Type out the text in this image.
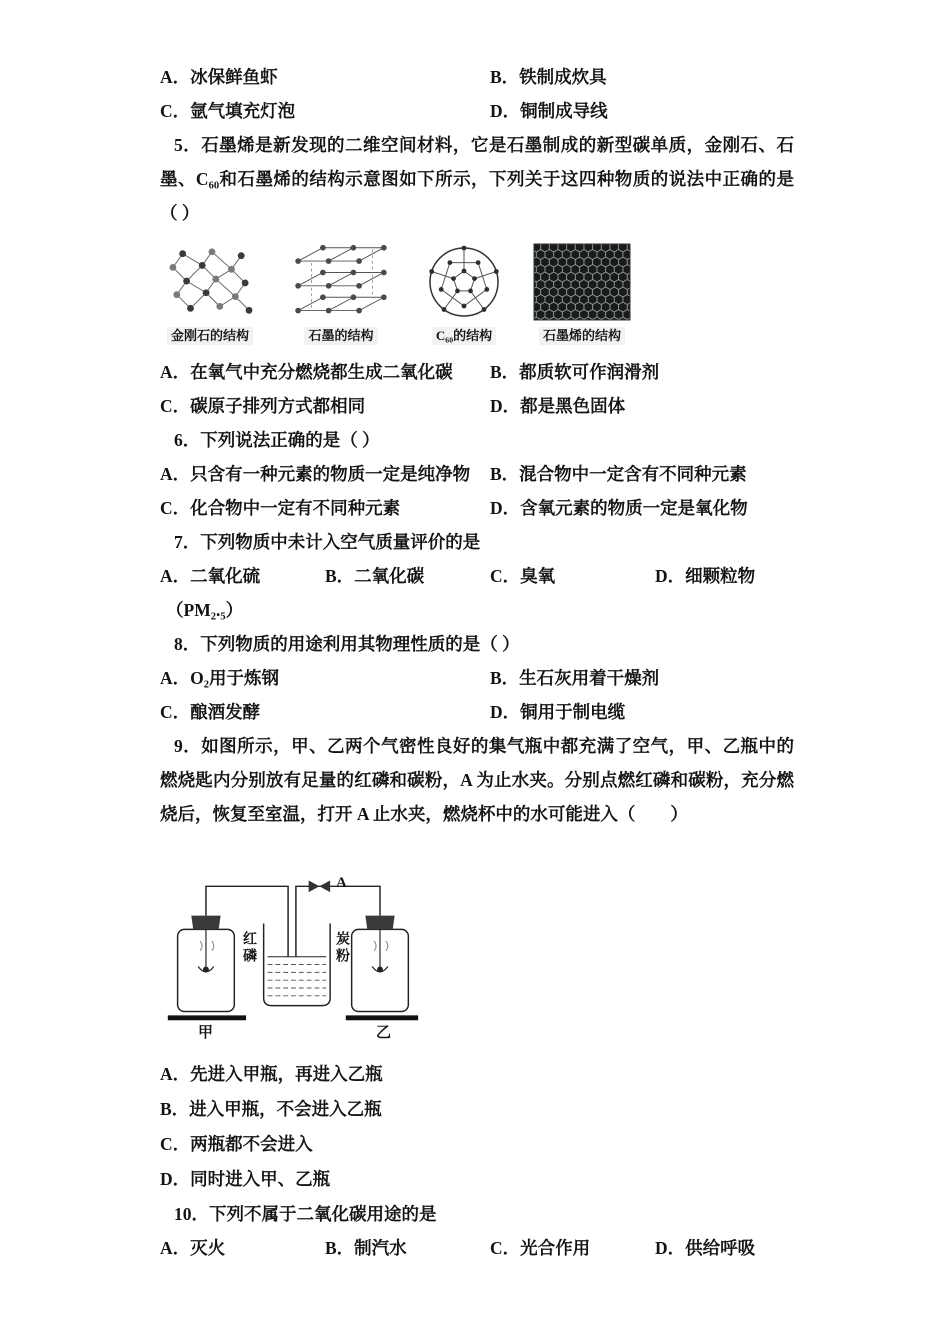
A．冰保鲜鱼虾	B．铁制成炊具
C．氩气填充灯泡	D．铜制成导线

5．石墨烯是新发现的二维空间材料，它是石墨制成的新型碳单质，金刚石、石墨、C₆₀和石墨烯的结构示意图如下所示，下列关于这四种物质的说法中正确的是（ ）

金刚石的结构	石墨的结构	C₆₀的结构	石墨烯的结构
A．在氧气中充分燃烧都生成二氧化碳	B．都质软可作润滑剂
C．碳原子排列方式都相同	D．都是黑色固体

6．下列说法正确的是（ ）

A．只含有一种元素的物质一定是纯净物	B．混合物中一定含有不同种元素
C．化合物中一定有不同种元素	D．含氧元素的物质一定是氧化物

7．下列物质中未计入空气质量评价的是

A．二氧化硫	B．二氧化碳	C．臭氧	D．细颗粒物

（PM₂.₅）

8．下列物质的用途利用其物理性质的是（ ）

A．O₂用于炼钢	B．生石灰用着干燥剂
C．酿酒发酵	D．铜用于制电缆

9．如图所示，甲、乙两个气密性良好的集气瓶中都充满了空气，甲、乙瓶中的燃烧匙内分别放有足量的红磷和碳粉，A 为止水夹。分别点燃红磷和碳粉，充分燃烧后，恢复至室温，打开 A 止水夹，燃烧杯中的水可能进入（　　）

A
红磷	炭粉
甲	乙

A．先进入甲瓶，再进入乙瓶

B．进入甲瓶，不会进入乙瓶

C．两瓶都不会进入

D．同时进入甲、乙瓶

10．下列不属于二氧化碳用途的是

A．灭火	B．制汽水	C．光合作用	D．供给呼吸
